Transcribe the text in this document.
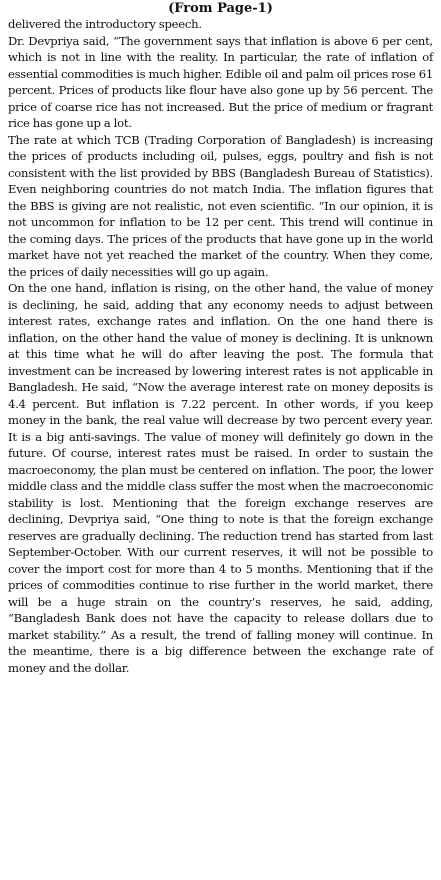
(From Page-1)

delivered the introductory speech.

Dr. Devpriya said, “The government says that inflation is above 6 per cent, which is not in line with the reality. In particular, the rate of inflation of essential commodities is much higher. Edible oil and palm oil prices rose 61 percent. Prices of products like flour have also gone up by 56 percent. The price of coarse rice has not increased. But the price of medium or fragrant rice has gone up a lot.

The rate at which TCB (Trading Corporation of Bangladesh) is increasing the prices of products including oil, pulses, eggs, poultry and fish is not consistent with the list provided by BBS (Bangladesh Bureau of Statistics). Even neighboring countries do not match India. The inflation figures that the BBS is giving are not realistic, not even scientific. “In our opinion, it is not uncommon for inflation to be 12 per cent. This trend will continue in the coming days. The prices of the products that have gone up in the world market have not yet reached the market of the country. When they come, the prices of daily necessities will go up again.

On the one hand, inflation is rising, on the other hand, the value of money is declining, he said, adding that any economy needs to adjust between interest rates, exchange rates and inflation. On the one hand there is inflation, on the other hand the value of money is declining. It is unknown at this time what he will do after leaving the post. The formula that investment can be increased by lowering interest rates is not applicable in Bangladesh. He said, “Now the average interest rate on money deposits is 4.4 percent. But inflation is 7.22 percent. In other words, if you keep money in the bank, the real value will decrease by two percent every year. It is a big anti-savings. The value of money will definitely go down in the future. Of course, interest rates must be raised. In order to sustain the macroeconomy, the plan must be centered on inflation. The poor, the lower middle class and the middle class suffer the most when the macroeconomic stability is lost. Mentioning that the foreign exchange reserves are declining, Devpriya said, “One thing to note is that the foreign exchange reserves are gradually declining. The reduction trend has started from last September-October. With our current reserves, it will not be possible to cover the import cost for more than 4 to 5 months. Mentioning that if the prices of commodities continue to rise further in the world market, there will be a huge strain on the country’s reserves, he said, adding, “Bangladesh Bank does not have the capacity to release dollars due to market stability.” As a result, the trend of falling money will continue. In the meantime, there is a big difference between the exchange rate of money and the dollar.
